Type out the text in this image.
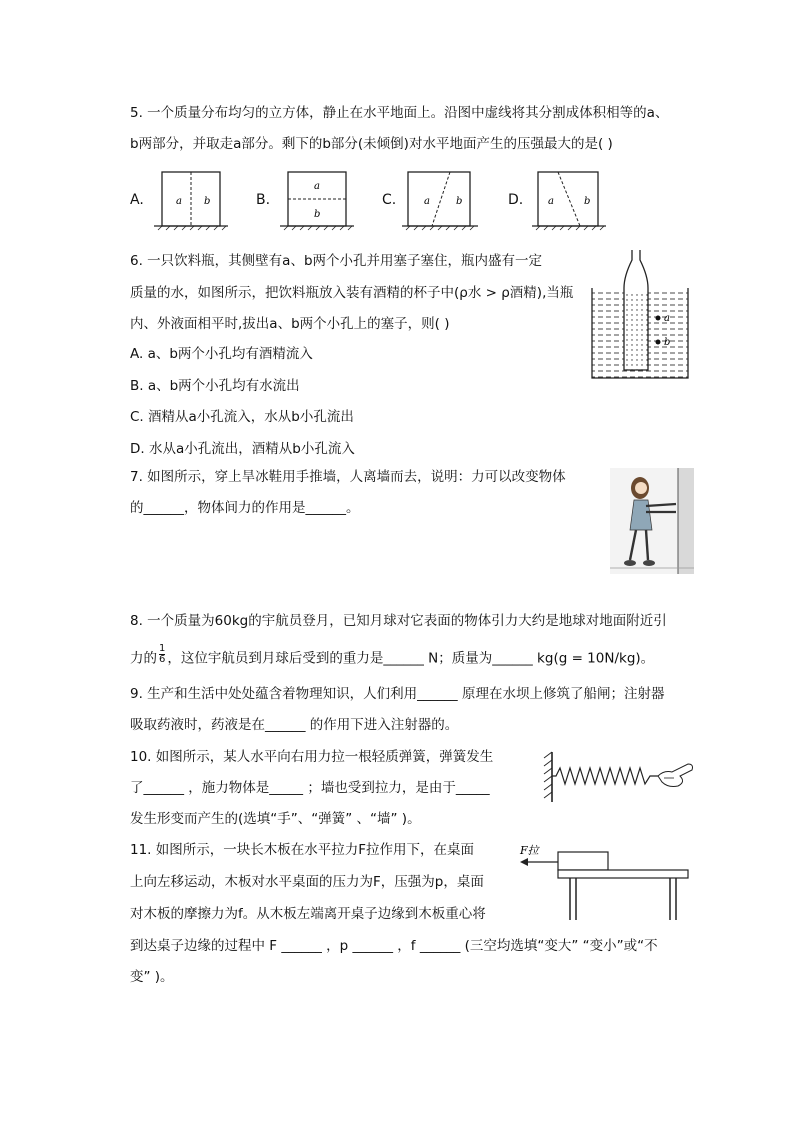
5. 一个质量分布均匀的立方体，静止在水平地面上。沿图中虚线将其分割成体积相等的a、
b两部分，并取走a部分。剩下的b部分(未倾倒)对水平地面产生的压强最大的是( )
A.	a b	B.
a
b
C.	a	b	D. a	b
6. 一只饮料瓶，其侧壁有a、b两个小孔并用塞子塞住，瓶内盛有一定
质量的水，如图所示，把饮料瓶放入装有酒精的杯子中(ρ水 > ρ酒精),当瓶
内、外液面相平时,拔出a、b两个小孔上的塞子，则( )
A. a、b两个小孔均有酒精流入
B. a、b两个小孔均有水流出
C. 酒精从a小孔流入，水从b小孔流出
D. 水从a小孔流出，酒精从b小孔流入
a
b
7. 如图所示，穿上旱冰鞋用手推墙，人离墙而去，说明：力可以改变物体
的______，物体间力的作用是______。
8. 一个质量为60kg的宇航员登月，已知月球对它表面的物体引力大约是地球对地面附近引
力的 $\frac{1}{6}$ ，这位宇航员到月球后受到的重力是______ N；质量为______ kg(g = 10N/kg)。
9. 生产和生活中处处蕴含着物理知识，人们利用______ 原理在水坝上修筑了船闸；注射器
吸取药液时，药液是在______ 的作用下进入注射器的。
10. 如图所示，某人水平向右用力拉一根轻质弹簧，弹簧发生
了______ ，施力物体是_____ ；墙也受到拉力，是由于_____
发生形变而产生的(选填“手”、“弹簧” 、“墙” )。
11. 如图所示，一块长木板在水平拉力F拉作用下，在桌面
上向左移运动，木板对水平桌面的压力为F，压强为p，桌面
对木板的摩擦力为f。从木板左端离开桌子边缘到木板重心将
到达桌子边缘的过程中 F ______ ，p ______ ，f ______ (三空均选填“变大” “变小”或“不
变” )。
F拉
